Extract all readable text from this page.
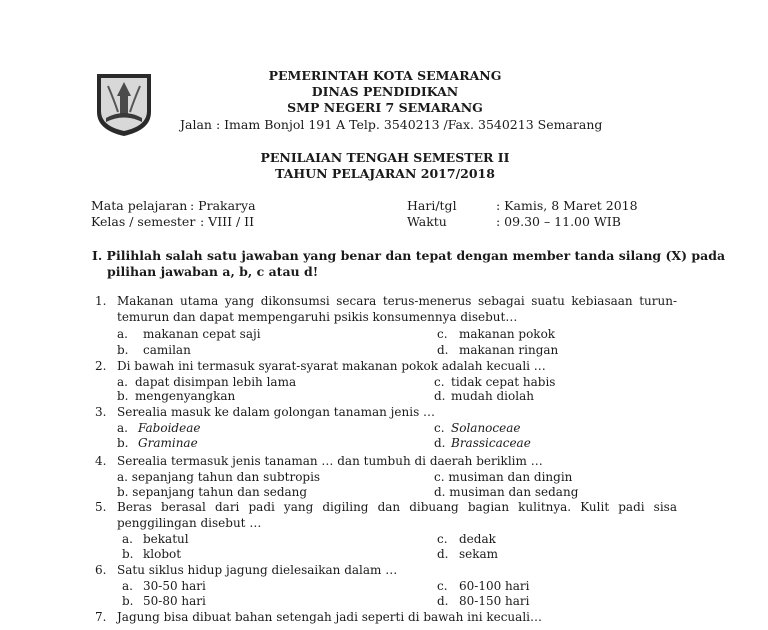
PEMERINTAH KOTA SEMARANG
DINAS PENDIDIKAN
SMP NEGERI 7 SEMARANG
Jalan : Imam Bonjol 191 A Telp. 3540213 /Fax. 3540213 Semarang
PENILAIAN TENGAH SEMESTER II
TAHUN PELAJARAN 2017/2018
Mata pelajaran : Prakarya
Kelas / semester : VIII / II
Hari/tgl	: Kamis, 8 Maret 2018
Waktu	: 09.30 – 11.00 WIB
I. Pilihlah salah satu jawaban yang benar dan tepat dengan member tanda silang (X) pada
pilihan jawaban a, b, c atau d!
1. Makanan utama yang dikonsumsi secara terus-menerus sebagai suatu kebiasaan turun-
temurun dan dapat mempengaruhi psikis konsumennya disebut…
a. makanan cepat saji
b. camilan
c. makanan pokok
d. makanan ringan
2. Di bawah ini termasuk syarat-syarat makanan pokok adalah kecuali …
a. dapat disimpan lebih lama
b. mengenyangkan
c. tidak cepat habis
d. mudah diolah
3. Serealia masuk ke dalam golongan tanaman jenis …
a. Faboideae
b. Graminae
c. Solanoceae
d. Brassicaceae
4. Serealia termasuk jenis tanaman … dan tumbuh di daerah beriklim …
a. sepanjang tahun dan subtropis
b. sepanjang tahun dan sedang
c. musiman dan dingin
d. musiman dan sedang
5. Beras berasal dari padi yang digiling dan dibuang bagian kulitnya. Kulit padi sisa
penggilingan disebut …
a. bekatul
b. klobot
c. dedak
d. sekam
6. Satu siklus hidup jagung dielesaikan dalam …
a. 30-50 hari
b. 50-80 hari
c. 60-100 hari
d. 80-150 hari
7. Jagung bisa dibuat bahan setengah jadi seperti di bawah ini kecuali…
